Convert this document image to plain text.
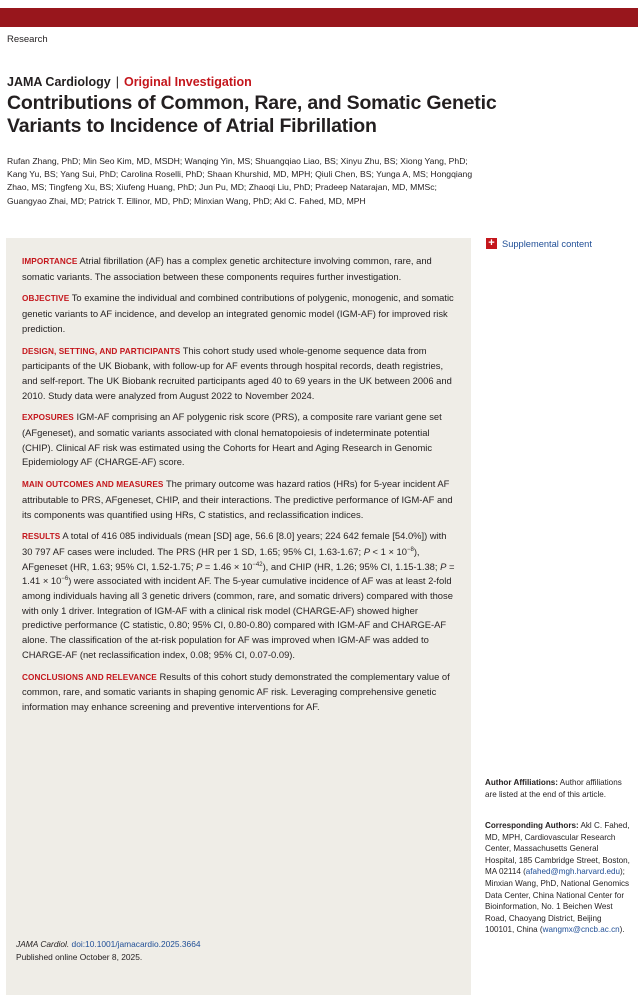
Research
JAMA Cardiology | Original Investigation
Contributions of Common, Rare, and Somatic Genetic Variants to Incidence of Atrial Fibrillation

Rufan Zhang, PhD; Min Seo Kim, MD, MSDH; Wanqing Yin, MS; Shuangqiao Liao, BS; Xinyu Zhu, BS; Xiong Yang, PhD; Kang Yu, BS; Yang Sui, PhD; Carolina Roselli, PhD; Shaan Khurshid, MD, MPH; Qiuli Chen, BS; Yunga A, MS; Hongqiang Zhao, MS; Tingfeng Xu, BS; Xiufeng Huang, PhD; Jun Pu, MD; Zhaoqi Liu, PhD; Pradeep Natarajan, MD, MMSc; Guangyao Zhai, MD; Patrick T. Ellinor, MD, PhD; Minxian Wang, PhD; Akl C. Fahed, MD, MPH

IMPORTANCE Atrial fibrillation (AF) has a complex genetic architecture involving common, rare, and somatic variants. The association between these components requires further investigation.

OBJECTIVE To examine the individual and combined contributions of polygenic, monogenic, and somatic genetic variants to AF incidence, and develop an integrated genomic model (IGM-AF) for improved risk prediction.

DESIGN, SETTING, AND PARTICIPANTS This cohort study used whole-genome sequence data from participants of the UK Biobank, with follow-up for AF events through hospital records, death registries, and self-report. The UK Biobank recruited participants aged 40 to 69 years in the UK between 2006 and 2010. Study data were analyzed from August 2022 to November 2024.

EXPOSURES IGM-AF comprising an AF polygenic risk score (PRS), a composite rare variant gene set (AFgeneset), and somatic variants associated with clonal hematopoiesis of indeterminate potential (CHIP). Clinical AF risk was estimated using the Cohorts for Heart and Aging Research in Genomic Epidemiology AF (CHARGE-AF) score.

MAIN OUTCOMES AND MEASURES The primary outcome was hazard ratios (HRs) for 5-year incident AF attributable to PRS, AFgeneset, CHIP, and their interactions. The predictive performance of IGM-AF and its components was quantified using HRs, C statistics, and reclassification indices.

RESULTS A total of 416 085 individuals (mean [SD] age, 56.6 [8.0] years; 224 642 female [54.0%]) with 30 797 AF cases were included. The PRS (HR per 1 SD, 1.65; 95% CI, 1.63-1.67; $P < 1 \times 10^{-8}$), AFgeneset (HR, 1.63; 95% CI, 1.52-1.75; $P = 1.46 \times 10^{-42}$), and CHIP (HR, 1.26; 95% CI, 1.15-1.38; $P = 1.41 \times 10^{-6}$) were associated with incident AF. The 5-year cumulative incidence of AF was at least 2-fold among individuals having all 3 genetic drivers (common, rare, and somatic drivers) compared with those with only 1 driver. Integration of IGM-AF with a clinical risk model (CHARGE-AF) showed higher predictive performance (C statistic, 0.80; 95% CI, 0.80-0.80) compared with IGM-AF and CHARGE-AF alone. The classification of the at-risk population for AF was improved when IGM-AF was added to CHARGE-AF (net reclassification index, 0.08; 95% CI, 0.07-0.09).

CONCLUSIONS AND RELEVANCE Results of this cohort study demonstrated the complementary value of common, rare, and somatic variants in shaping genomic AF risk. Leveraging comprehensive genetic information may enhance screening and preventive interventions for AF.

JAMA Cardiol. doi:10.1001/jamacardio.2025.3664
Published online October 8, 2025.
+ Supplemental content

Author Affiliations: Author affiliations are listed at the end of this article.

Corresponding Authors: Akl C. Fahed, MD, MPH, Cardiovascular Research Center, Massachusetts General Hospital, 185 Cambridge Street, Boston, MA 02114 (afahed@mgh.harvard.edu); Minxian Wang, PhD, National Genomics Data Center, China National Center for Bioinformation, No. 1 Beichen West Road, Chaoyang District, Beijing 100101, China (wangmx@cncb.ac.cn).
